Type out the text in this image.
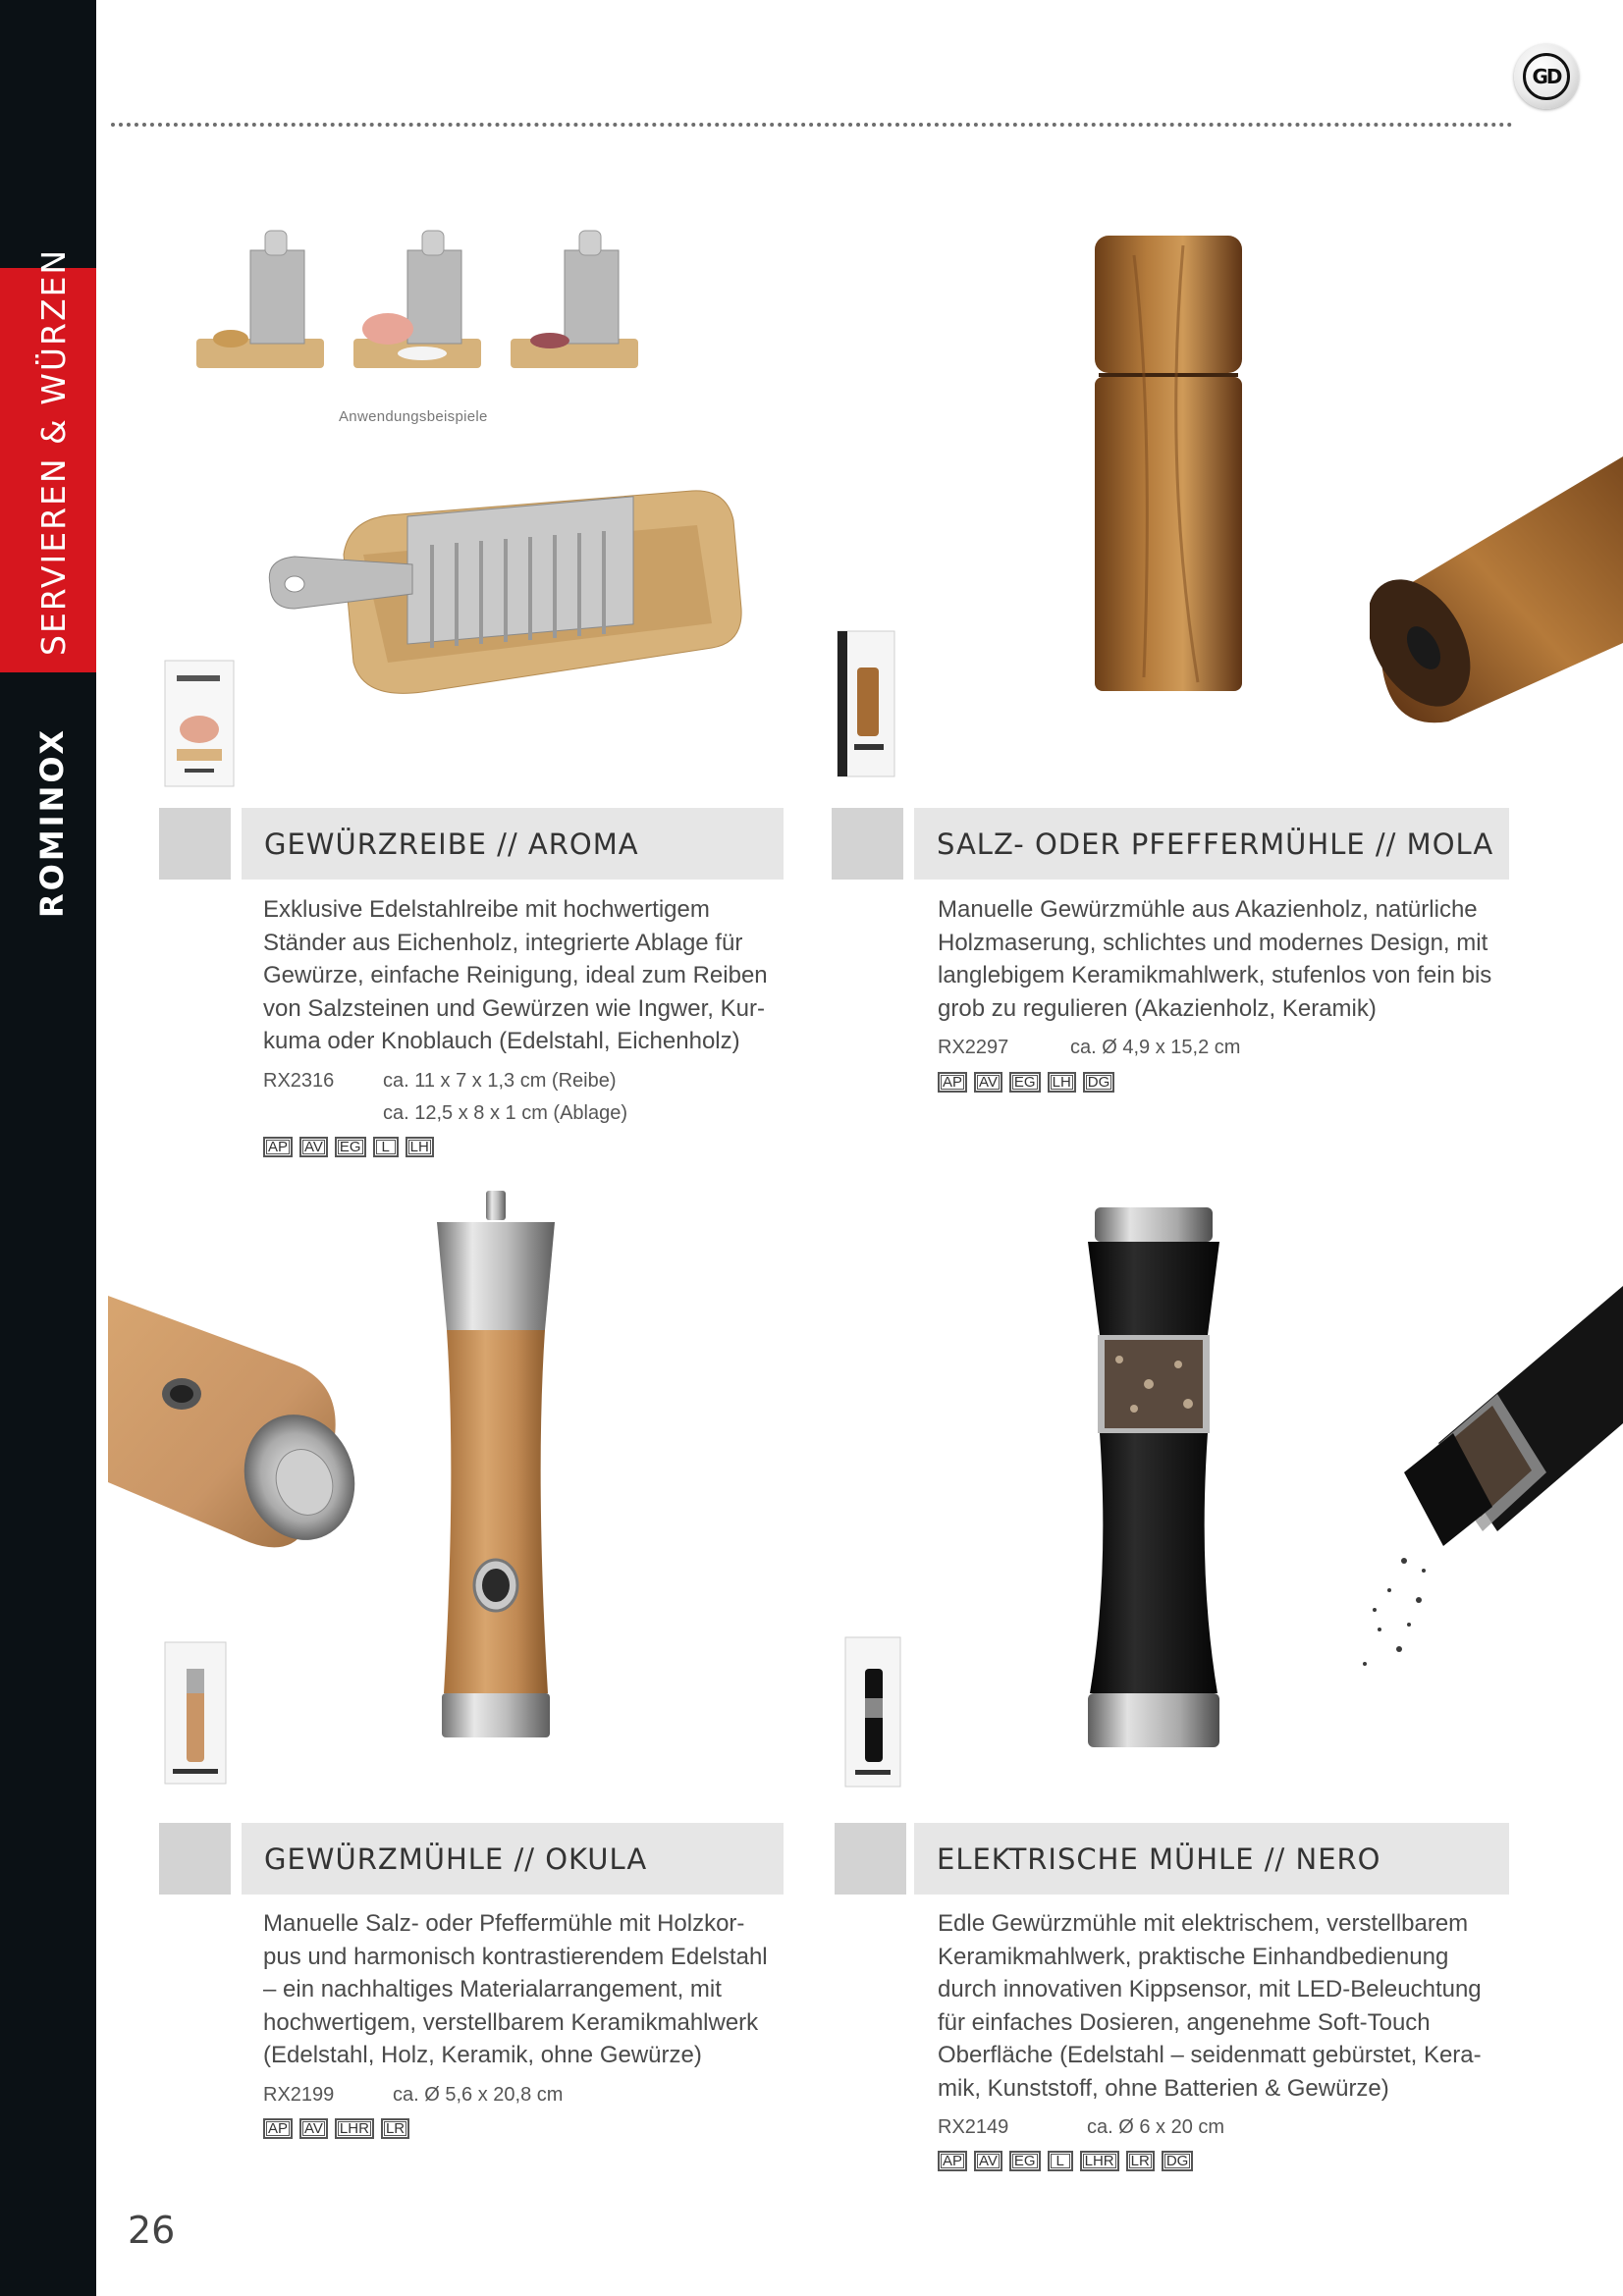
SERVIEREN & WÜRZEN
ROMINOX
GD
Anwendungsbeispiele
GEWÜRZREIBE // AROMA

Exklusive Edelstahlreibe mit hochwertigem

Ständer aus Eichenholz, integrierte Ablage für

Gewürze, einfache Reinigung, ideal zum Reiben

von Salzsteinen und Gewürzen wie Ingwer, Kur-

kuma oder Knoblauch (Edelstahl, Eichenholz)

RX2316 ca. 11 x 7 x 1,3 cm (Reibe)
ca. 12,5 x 8 x 1 cm (Ablage)
AP	AV	EG	L	LH
SALZ- ODER PFEFFERMÜHLE // MOLA

Manuelle Gewürzmühle aus Akazienholz, natürliche

Holzmaserung, schlichtes und modernes Design, mit

langlebigem Keramikmahlwerk, stufenlos von fein bis

grob zu regulieren (Akazienholz, Keramik)

RX2297	ca. Ø 4,9 x 15,2 cm
AP	AV	EG	LH	DG
GEWÜRZMÜHLE // OKULA

Manuelle Salz- oder Pfeffermühle mit Holzkor-

pus und harmonisch kontrastierendem Edelstahl

– ein nachhaltiges Materialarrangement, mit

hochwertigem, verstellbarem Keramikmahlwerk

(Edelstahl, Holz, Keramik, ohne Gewürze)

RX2199	ca. Ø 5,6 x 20,8 cm
AP	AV	LHR	LR
ELEKTRISCHE MÜHLE // NERO

Edle Gewürzmühle mit elektrischem, verstellbarem

Keramikmahlwerk, praktische Einhandbedienung

durch innovativen Kippsensor, mit LED-Beleuchtung

für einfaches Dosieren, angenehme Soft-Touch

Oberfläche (Edelstahl – seidenmatt gebürstet, Kera-

mik, Kunststoff, ohne Batterien & Gewürze)

RX2149	ca. Ø 6 x 20 cm
AP	AV	EG	L	LHR	LR	DG
26
